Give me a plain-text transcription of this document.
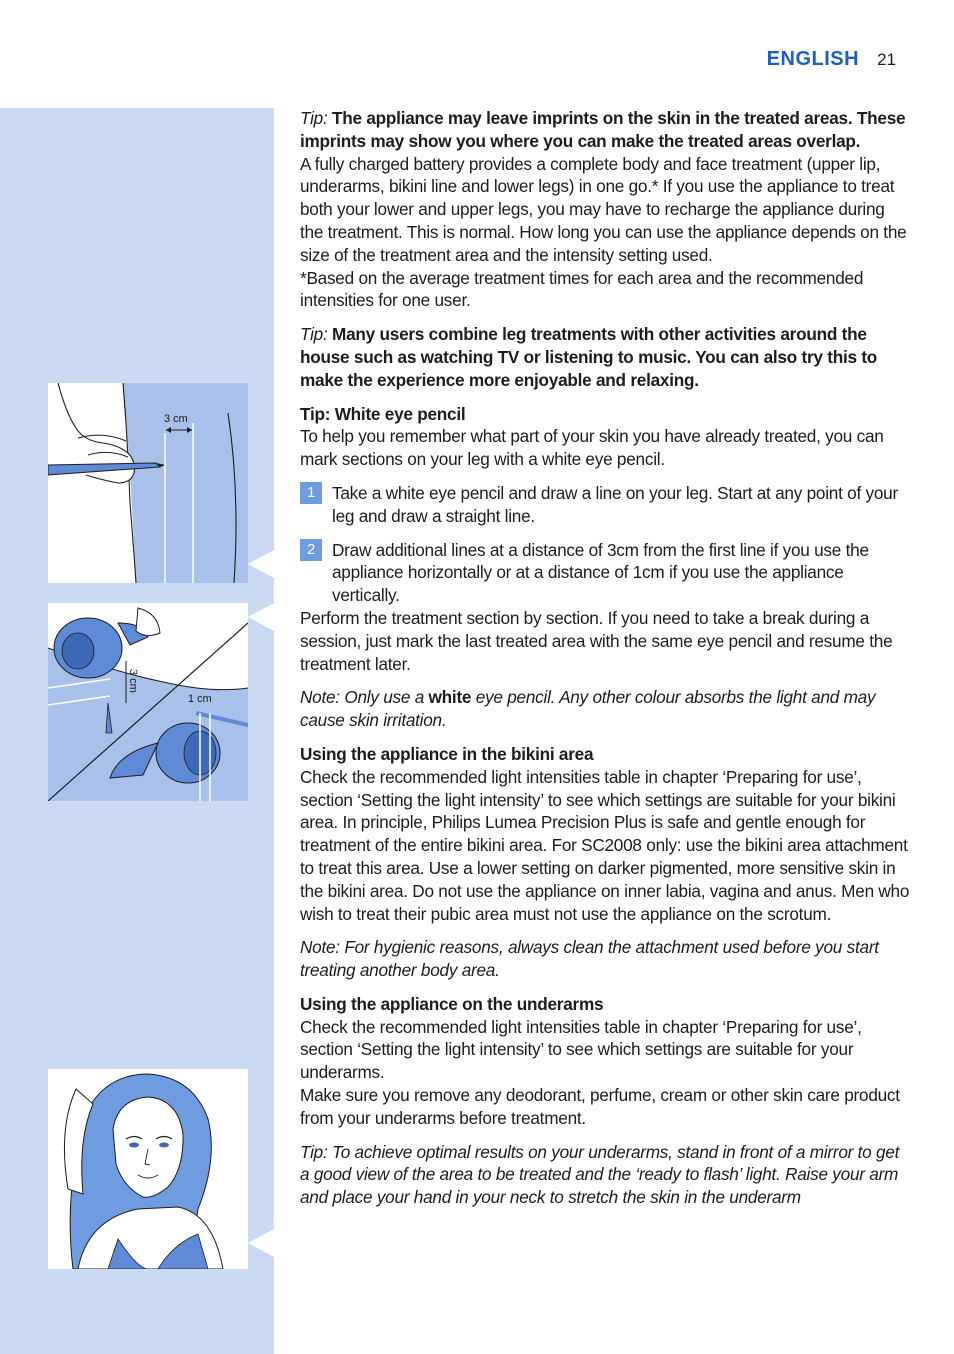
ENGLISH 21
3 cm
3 cm
1 cm

Tip: The appliance may leave imprints on the skin in the treated areas. These imprints may show you where you can make the treated areas overlap.

A fully charged battery provides a complete body and face treatment (upper lip, underarms, bikini line and lower legs) in one go.* If you use the appliance to treat both your lower and upper legs, you may have to recharge the appliance during the treatment. This is normal. How long you can use the appliance depends on the size of the treatment area and the intensity setting used.

*Based on the average treatment times for each area and the recommended intensities for one user.

Tip: Many users combine leg treatments with other activities around the house such as watching TV or listening to music. You can also try this to make the experience more enjoyable and relaxing.

Tip: White eye pencil

To help you remember what part of your skin you have already treated, you can mark sections on your leg with a white eye pencil.

1 Take a white eye pencil and draw a line on your leg. Start at any point of your leg and draw a straight line.
2 Draw additional lines at a distance of 3cm from the first line if you use the appliance horizontally or at a distance of 1cm if you use the appliance vertically.

Perform the treatment section by section. If you need to take a break during a session, just mark the last treated area with the same eye pencil and resume the treatment later.

Note: Only use a white eye pencil. Any other colour absorbs the light and may cause skin irritation.

Using the appliance in the bikini area

Check the recommended light intensities table in chapter ‘Preparing for use’, section ‘Setting the light intensity’ to see which settings are suitable for your bikini area. In principle, Philips Lumea Precision Plus is safe and gentle enough for treatment of the entire bikini area. For SC2008 only: use the bikini area attachment to treat this area. Use a lower setting on darker pigmented, more sensitive skin in the bikini area. Do not use the appliance on inner labia, vagina and anus. Men who wish to treat their pubic area must not use the appliance on the scrotum.

Note: For hygienic reasons, always clean the attachment used before you start treating another body area.

Using the appliance on the underarms

Check the recommended light intensities table in chapter ‘Preparing for use’, section ‘Setting the light intensity’ to see which settings are suitable for your underarms.

Make sure you remove any deodorant, perfume, cream or other skin care product from your underarms before treatment.

Tip: To achieve optimal results on your underarms, stand in front of a mirror to get a good view of the area to be treated and the ‘ready to flash’ light. Raise your arm and place your hand in your neck to stretch the skin in the underarm
